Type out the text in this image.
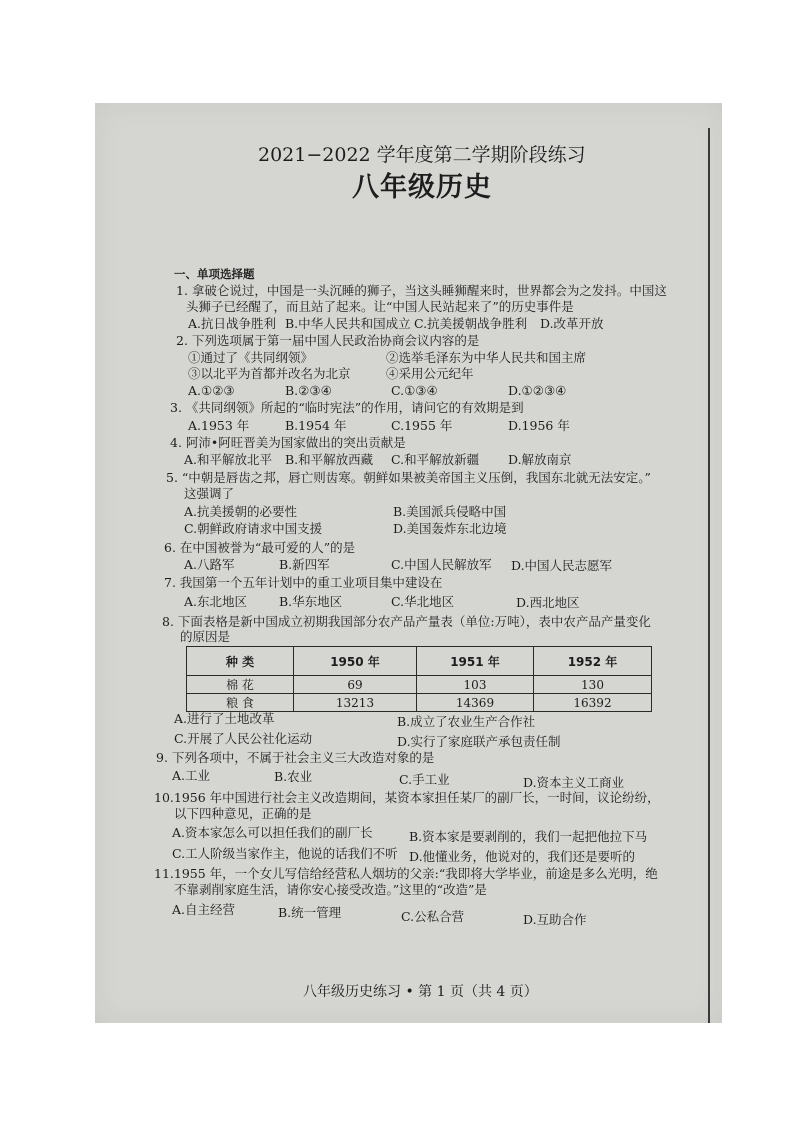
2021−2022 学年度第二学期阶段练习
八年级历史
一、单项选择题
1. 拿破仑说过，中国是一头沉睡的狮子，当这头睡狮醒来时，世界都会为之发抖。中国这
头狮子已经醒了，而且站了起来。让“中国人民站起来了”的历史事件是
A.抗日战争胜利 B.中华人民共和国成立 C.抗美援朝战争胜利 D.改革开放
2. 下列选项属于第一届中国人民政治协商会议内容的是
①通过了《共同纲领》	②选举毛泽东为中华人民共和国主席
③以北平为首都并改名为北京	④采用公元纪年
A.①②③	B.②③④	C.①③④	D.①②③④
3. 《共同纲领》所起的“临时宪法”的作用，请问它的有效期是到
A.1953 年	B.1954 年	C.1955 年	D.1956 年
4. 阿沛•阿旺晋美为国家做出的突出贡献是
A.和平解放北平 B.和平解放西藏 C.和平解放新疆 D.解放南京
5. “中朝是唇齿之邦，唇亡则齿寒。朝鲜如果被美帝国主义压倒，我国东北就无法安定。”
这强调了
A.抗美援朝的必要性	B.美国派兵侵略中国
C.朝鲜政府请求中国支援	D.美国轰炸东北边境
6. 在中国被誉为“最可爱的人”的是
A.八路军	B.新四军	C.中国人民解放军 D.中国人民志愿军
7. 我国第一个五年计划中的重工业项目集中建设在
A.东北地区	B.华东地区	C.华北地区	D.西北地区
8. 下面表格是新中国成立初期我国部分农产品产量表（单位:万吨），表中农产品产量变化
的原因是
种 类	1950 年	1951 年	1952 年
棉 花	69	103	130
粮 食	13213	14369	16392
A.进行了土地改革	B.成立了农业生产合作社
C.开展了人民公社化运动	D.实行了家庭联产承包责任制
9. 下列各项中，不属于社会主义三大改造对象的是
A.工业	B.农业	C.手工业	D.资本主义工商业
10.1956 年中国进行社会主义改造期间，某资本家担任某厂的副厂长，一时间，议论纷纷，
以下四种意见，正确的是
A.资本家怎么可以担任我们的副厂长	B.资本家是要剥削的，我们一起把他拉下马
C.工人阶级当家作主，他说的话我们不听 D.他懂业务，他说对的，我们还是要听的
11.1955 年，一个女儿写信给经营私人烟坊的父亲:“我即将大学毕业，前途是多么光明，绝
不靠剥削家庭生活，请你安心接受改造。”这里的“改造”是
A.自主经营	B.统一管理	C.公私合营	D.互助合作
八年级历史练习 • 第 1 页（共 4 页）
